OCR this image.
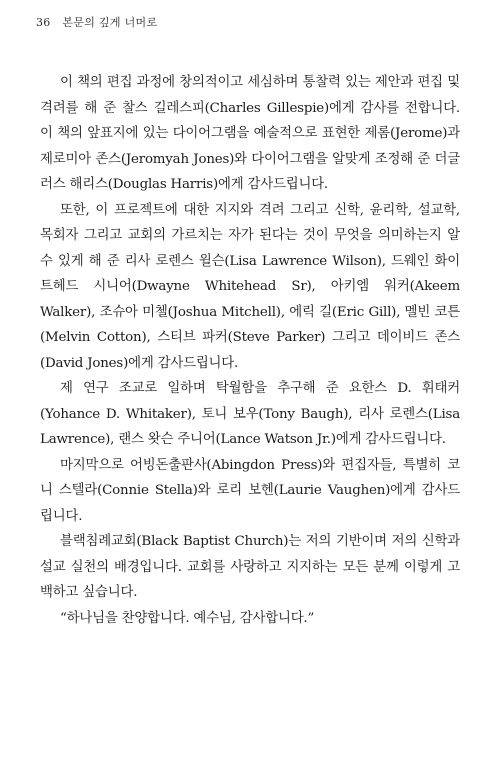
36 본문의 깊게 너머로

이 책의 편집 과정에 창의적이고 세심하며 통찰력 있는 제안과 편집 및 격려를 해 준 찰스 길레스피(Charles Gillespie)에게 감사를 전합니다. 이 책의 앞표지에 있는 다이어그램을 예술적으로 표현한 제롬(Jerome)과 제로미아 존스(Jeromyah Jones)와 다이어그램을 알맞게 조정해 준 더글러스 해리스(Douglas Harris)에게 감사드립니다.

또한, 이 프로젝트에 대한 지지와 격려 그리고 신학, 윤리학, 설교학, 목회자 그리고 교회의 가르치는 자가 된다는 것이 무엇을 의미하는지 알 수 있게 해 준 리사 로렌스 윌슨(Lisa Lawrence Wilson), 드웨인 화이트헤드 시니어(Dwayne Whitehead Sr), 아키엠 워커(Akeem Walker), 조슈아 미첼(Joshua Mitchell), 에릭 길(Eric Gill), 멜빈 코튼(Melvin Cotton), 스티브 파커(Steve Parker) 그리고 데이비드 존스(David Jones)에게 감사드립니다.

제 연구 조교로 일하며 탁월함을 추구해 준 요한스 D. 휘태커(Yohance D. Whitaker), 토니 보우(Tony Baugh), 리사 로렌스(Lisa Lawrence), 랜스 왓슨 주니어(Lance Watson Jr.)에게 감사드립니다.

마지막으로 어빙돈출판사(Abingdon Press)와 편집자들, 특별히 코니 스텔라(Connie Stella)와 로리 보헨(Laurie Vaughen)에게 감사드립니다.

블랙침례교회(Black Baptist Church)는 저의 기반이며 저의 신학과 설교 실천의 배경입니다. 교회를 사랑하고 지지하는 모든 분께 이렇게 고백하고 싶습니다.

“하나님을 찬양합니다. 예수님, 감사합니다.”
